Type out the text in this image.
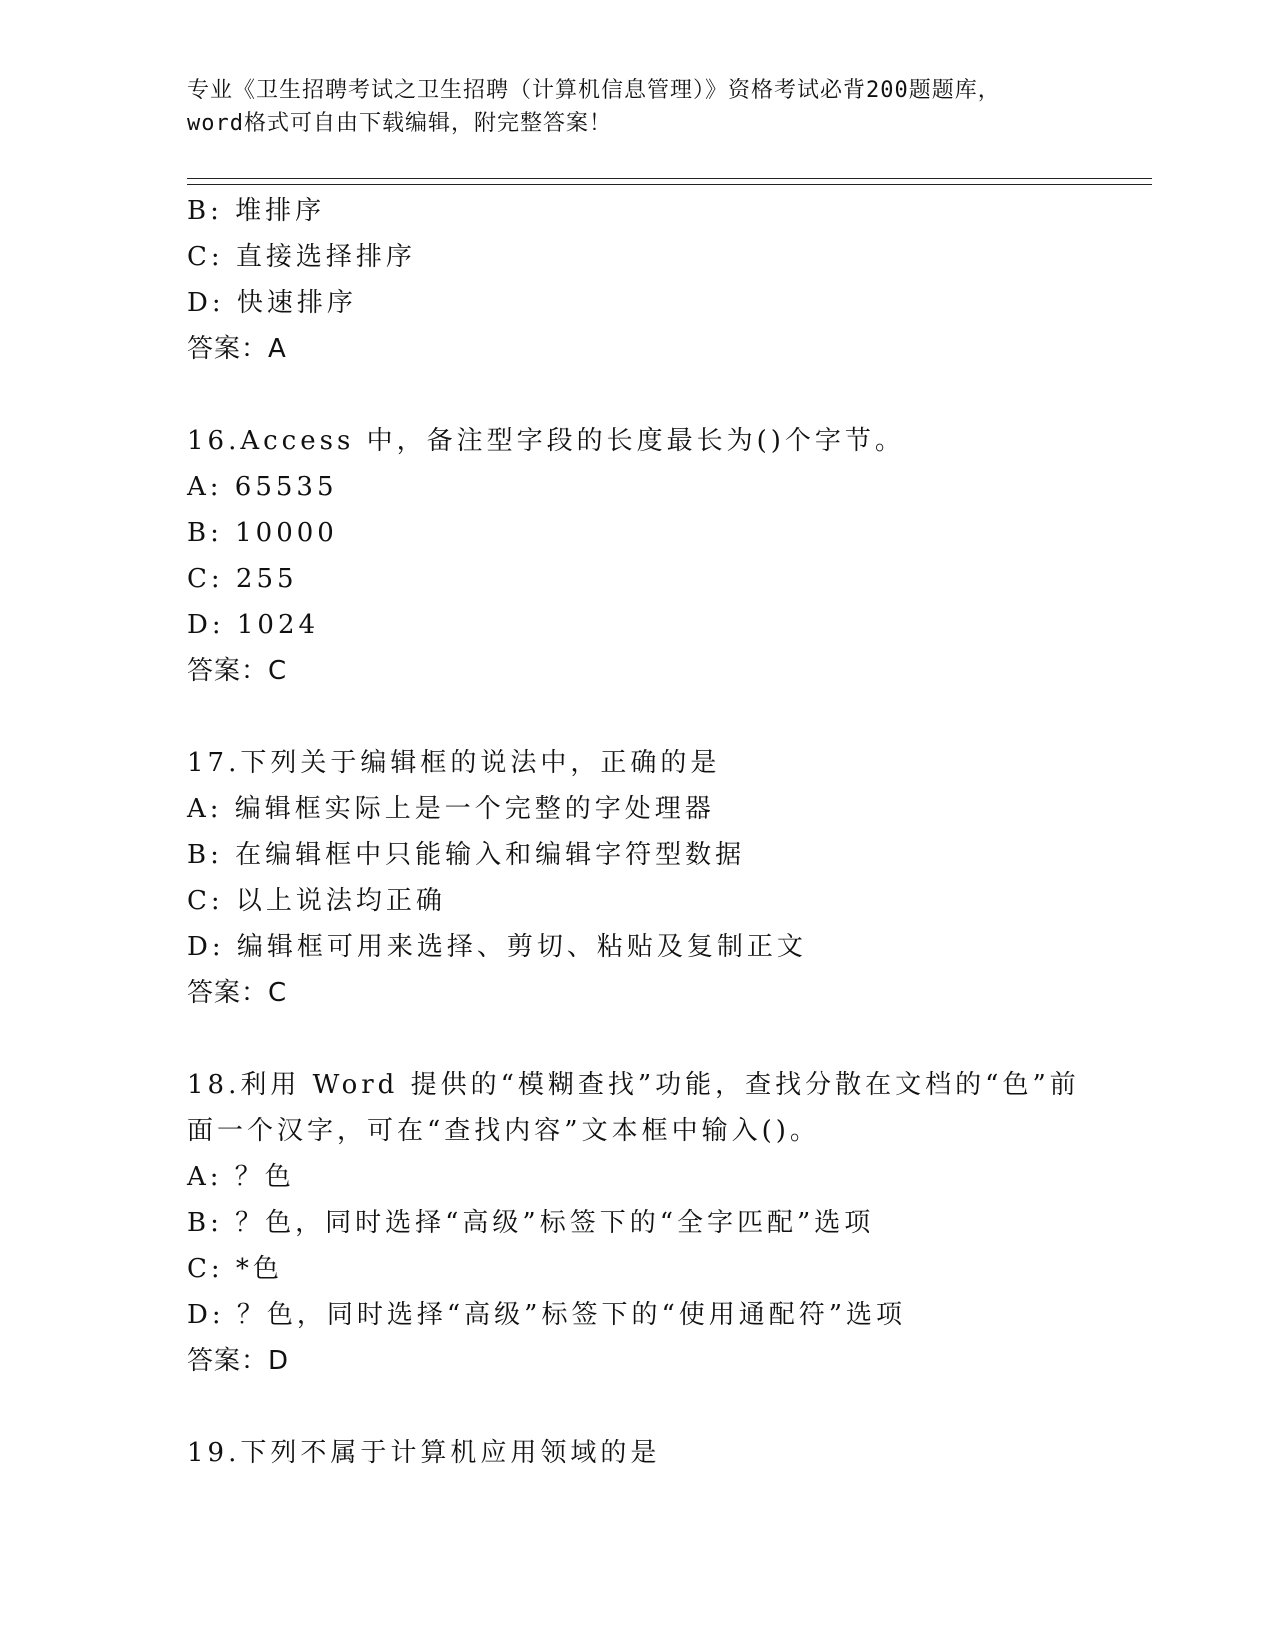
专业《卫生招聘考试之卫生招聘（计算机信息管理）》资格考试必背200题题库，
word格式可自由下载编辑，附完整答案！
B: 堆排序
C: 直接选择排序
D: 快速排序
答案：A
16.Access 中，备注型字段的长度最长为()个字节。
A: 65535
B: 10000
C: 255
D: 1024
答案：C
17.下列关于编辑框的说法中，正确的是
A: 编辑框实际上是一个完整的字处理器
B: 在编辑框中只能输入和编辑字符型数据
C: 以上说法均正确
D: 编辑框可用来选择、剪切、粘贴及复制正文
答案：C
18.利用 Word 提供的“模糊查找”功能，查找分散在文档的“色”前
面一个汉字，可在“查找内容”文本框中输入()。
A: ？色
B: ？色，同时选择“高级”标签下的“全字匹配”选项
C: *色
D: ？色，同时选择“高级”标签下的“使用通配符”选项
答案：D
19.下列不属于计算机应用领域的是
